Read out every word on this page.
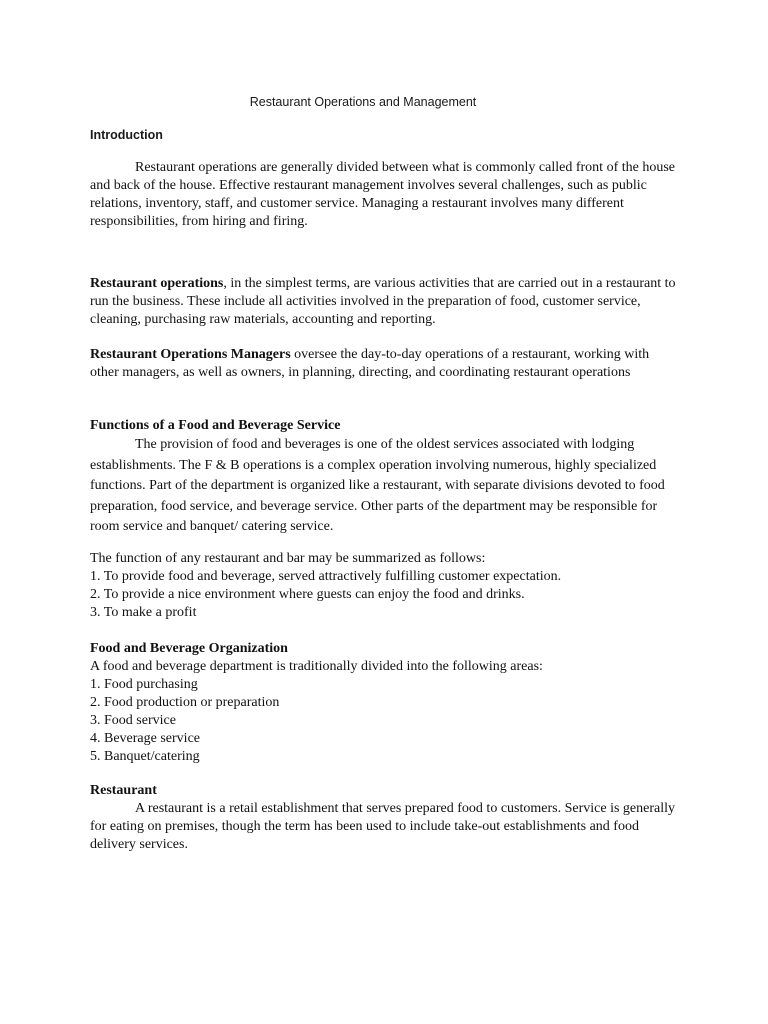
Restaurant Operations and Management
Introduction

Restaurant operations are generally divided between what is commonly called front of the house and back of the house. Effective restaurant management involves several challenges, such as public relations, inventory, staff, and customer service. Managing a restaurant involves many different responsibilities, from hiring and firing.

Restaurant operations, in the simplest terms, are various activities that are carried out in a restaurant to run the business. These include all activities involved in the preparation of food, customer service, cleaning, purchasing raw materials, accounting and reporting.

Restaurant Operations Managers oversee the day-to-day operations of a restaurant, working with other managers, as well as owners, in planning, directing, and coordinating restaurant operations

Functions of a Food and Beverage Service

The provision of food and beverages is one of the oldest services associated with lodging establishments. The F & B operations is a complex operation involving numerous, highly specialized functions. Part of the department is organized like a restaurant, with separate divisions devoted to food preparation, food service, and beverage service. Other parts of the department may be responsible for room service and banquet/ catering service.

The function of any restaurant and bar may be summarized as follows:
1. To provide food and beverage, served attractively fulfilling customer expectation.
2. To provide a nice environment where guests can enjoy the food and drinks.
3. To make a profit
Food and Beverage Organization
A food and beverage department is traditionally divided into the following areas:
1. Food purchasing
2. Food production or preparation
3. Food service
4. Beverage service
5. Banquet/catering
Restaurant

A restaurant is a retail establishment that serves prepared food to customers. Service is generally for eating on premises, though the term has been used to include take-out establishments and food delivery services.
